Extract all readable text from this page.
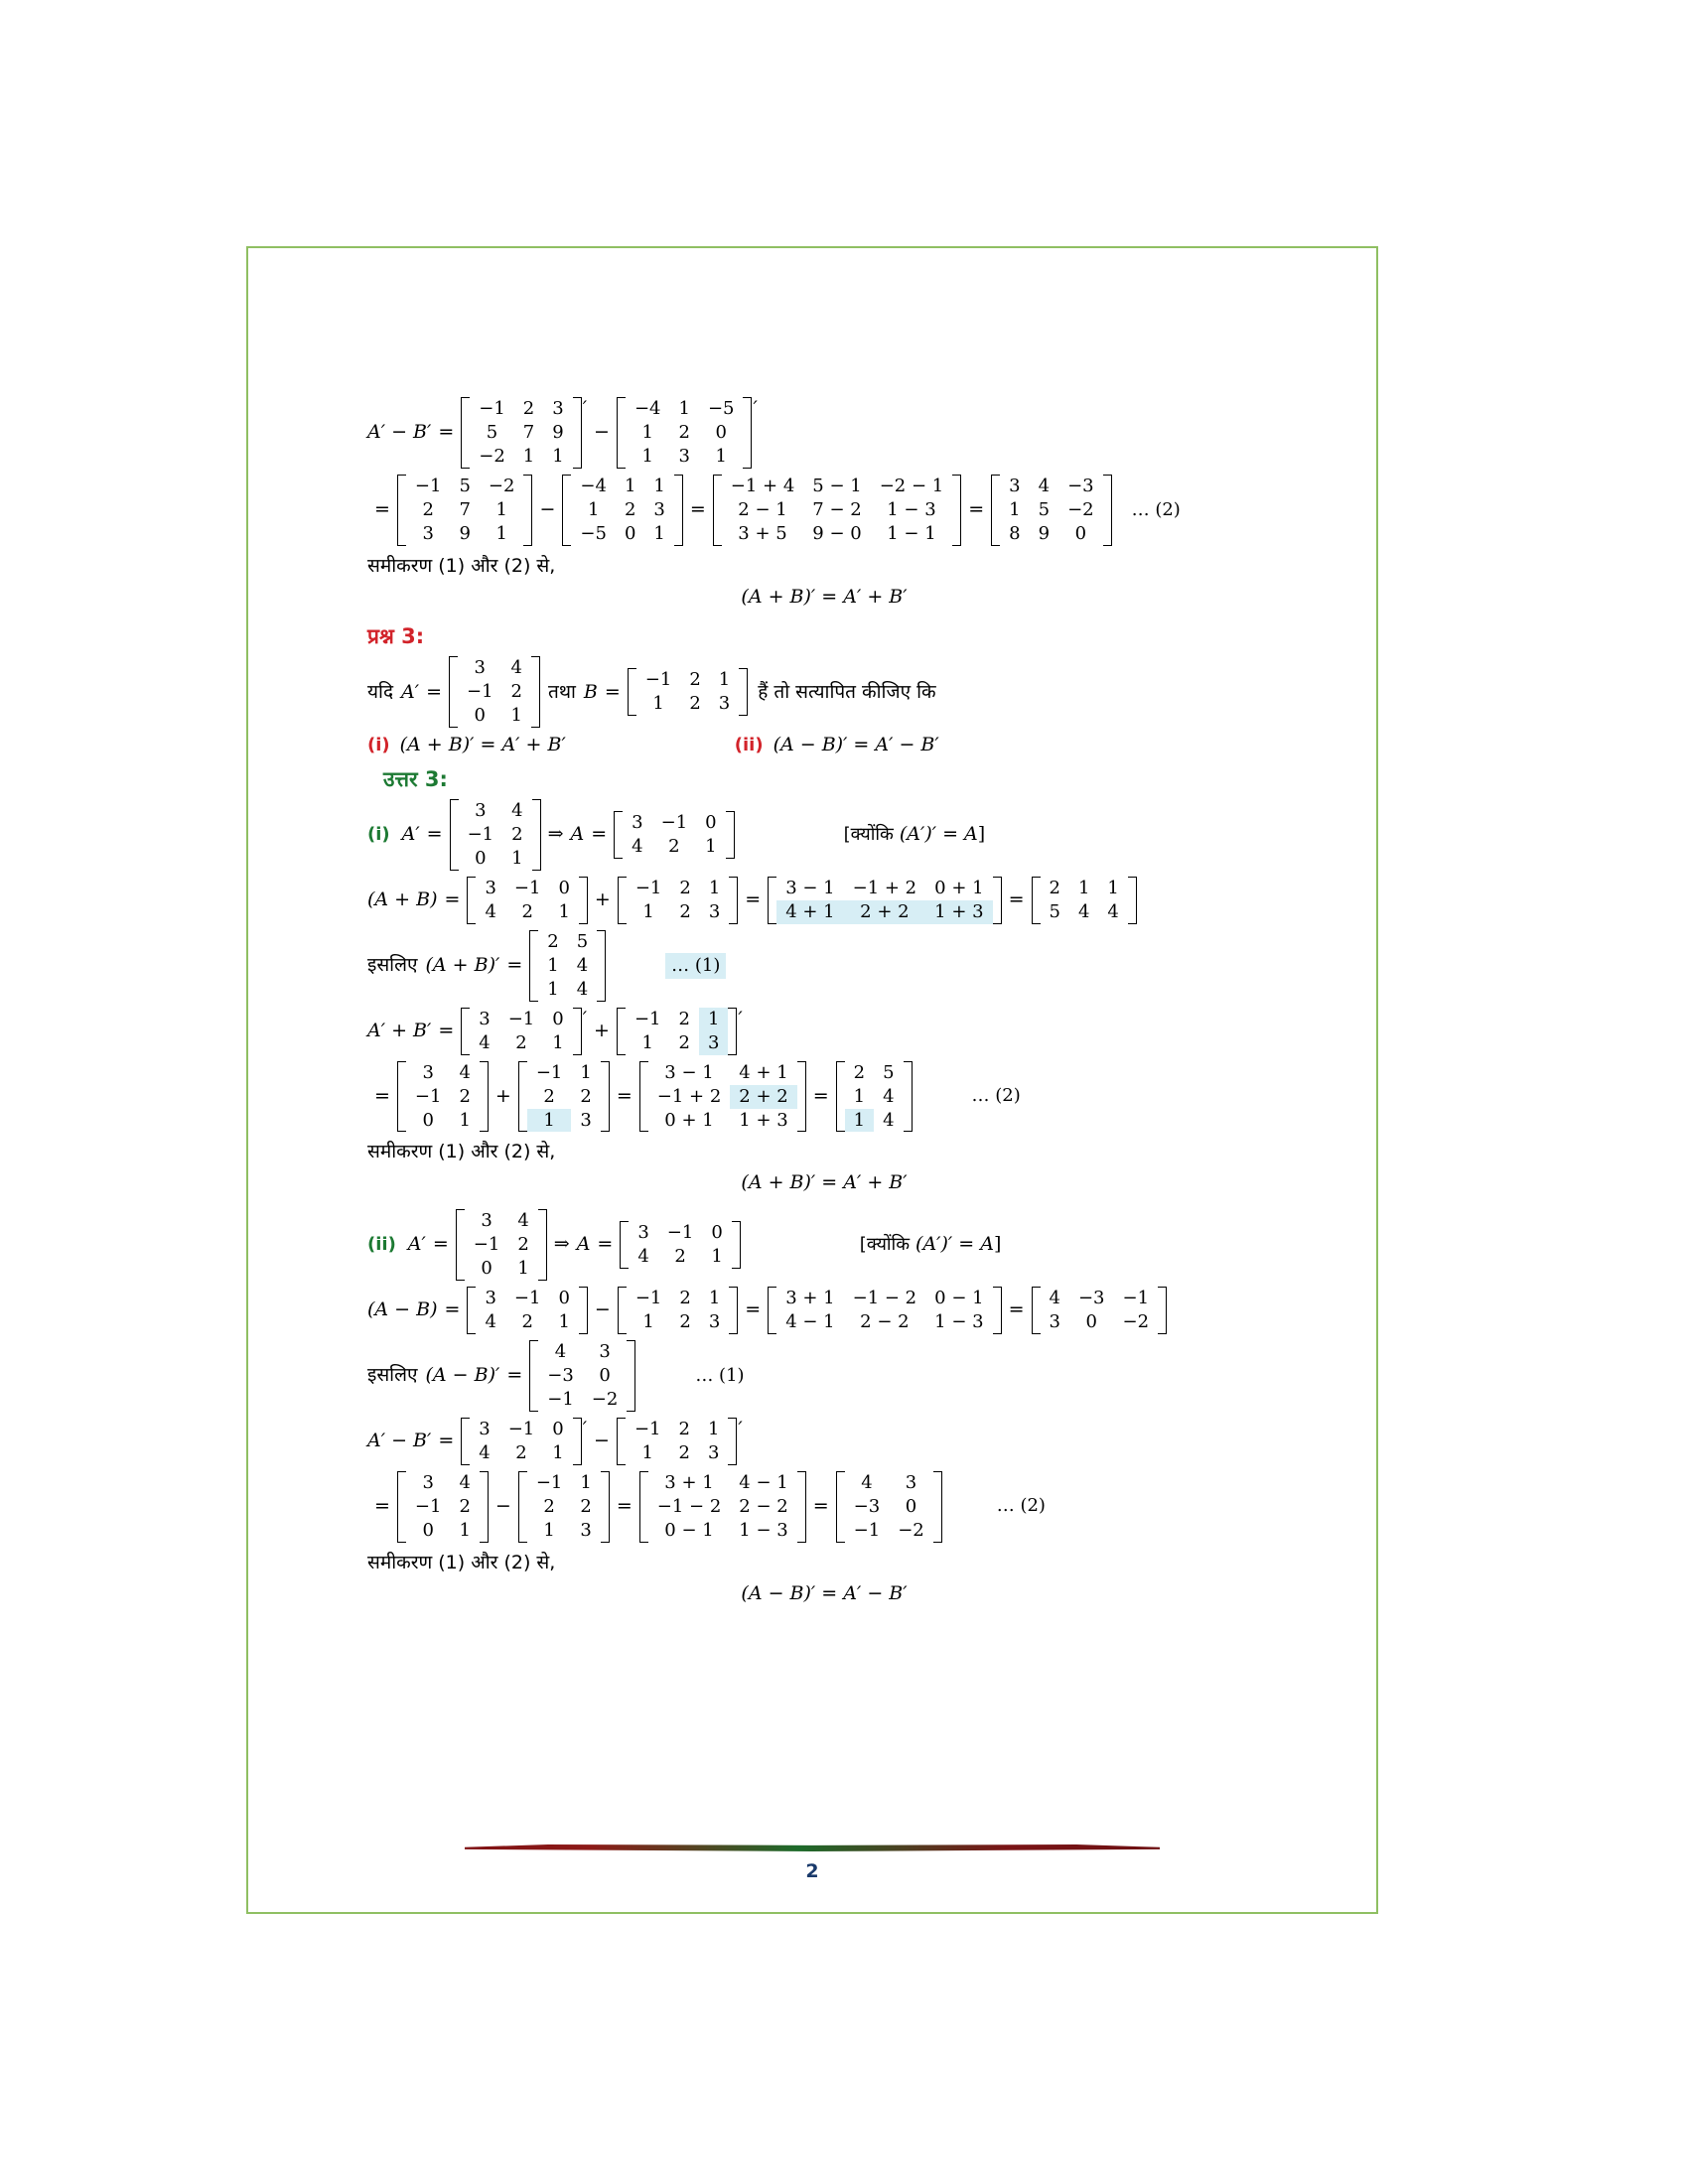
A′ − B′ =
−1	2	3
5	7	9
−2	1	1
′
−
−4	1	−5
1	2	0
1	3	1
′
=
−1	5	−2
2	7	1
3	9	1
−
−4	1	1
1	2	3
−5	0	1
=
−1 + 4	5 − 1	−2 − 1
2 − 1	7 − 2	1 − 3
3 + 5	9 − 0	1 − 1
=
3	4	−3
1	5	−2
8	9	0
… (2)
समीकरण (1) और (2) से,
(A + B)′ = A′ + B′
प्रश्न 3:
यदि A′ =
3	4
−1	2
0	1
तथा B =
−1	2	1
1	2	3
हैं तो सत्यापित कीजिए कि
(i) (A + B)′ = A′ + B′	(ii) (A − B)′ = A′ − B′
उत्तर 3:
(i) A′ =
3	4
−1	2
0	1
⇒ A =
3	−1	0
4	2	1
[क्योंकि (A′)′ = A ]
(A + B) =
3	−1	0
4	2	1
+
−1	2	1
1	2	3
=
3 − 1	−1 + 2	0 + 1
4 + 1	2 + 2	1 + 3
=
2	1	1
5	4	4
इसलिए (A + B)′ =
2	5
1	4
1	4
… (1)
A′ + B′ =
3	−1	0
4	2	1
′
+
−1	2	1
1	2	3
′
=
3	4
−1	2
0	1
+
−1	1
2	2
1	3
=
3 − 1	4 + 1
−1 + 2	2 + 2
0 + 1	1 + 3
=
2	5
1	4
1	4
… (2)
समीकरण (1) और (2) से,
(A + B)′ = A′ + B′
(ii) A′ =
3	4
−1	2
0	1
⇒ A =
3	−1	0
4	2	1
[क्योंकि (A′)′ = A ]
(A − B) =
3	−1	0
4	2	1
−
−1	2	1
1	2	3
=
3 + 1	−1 − 2	0 − 1
4 − 1	2 − 2	1 − 3
=
4	−3	−1
3	0	−2
इसलिए (A − B)′ =
4	3
−3	0
−1	−2
… (1)
A′ − B′ =
3	−1	0
4	2	1
′
−
−1	2	1
1	2	3
′
=
3	4
−1	2
0	1
−
−1	1
2	2
1	3
=
3 + 1	4 − 1
−1 − 2	2 − 2
0 − 1	1 − 3
=
4	3
−3	0
−1	−2
… (2)
समीकरण (1) और (2) से,
(A − B)′ = A′ − B′
2
